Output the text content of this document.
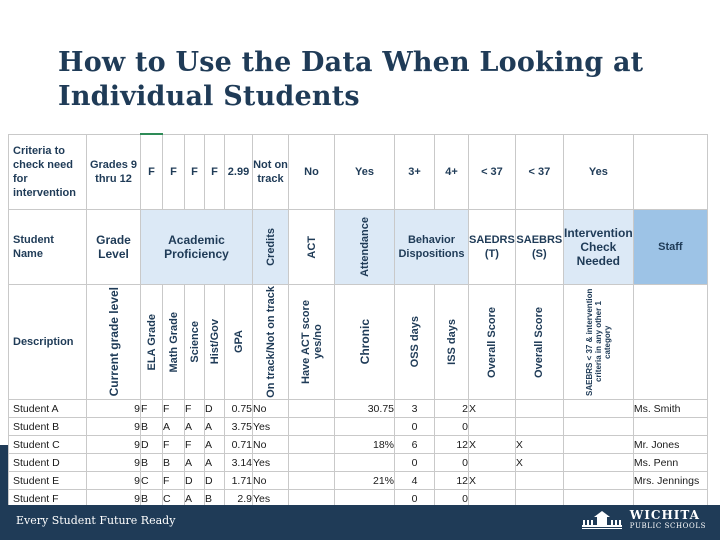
How to Use the Data When Looking at Individual Students
Criteria to check need for intervention	Grades 9 thru 12	F	F	F	F	2.99	Not on track	No	Yes	3+	4+	< 37	< 37	Yes	
Student Name	Grade Level	Academic Proficiency					Credits	ACT	Attendance	Behavior Dispositions		SAEDRS (T)	SAEBRS (S)	Intervention Check Needed	Staff
Description	Current grade level	ELA Grade	Math Grade	Science	Hist/Gov	GPA	On track/Not on track	Have ACT score yes/no	Chronic	OSS days	ISS days	Overall Score	Overall Score	SAEBRS < 37 & intervention criteria in any other 1 category	

Student A	9	F	F	F	D	0.75	No		30.75	3	2	X			Ms. Smith
Student B	9	B	A	A	A	3.75	Yes			0	0				
Student C	9	D	F	F	A	0.71	No		18%	6	12	X	X		Mr. Jones
Student D	9	B	B	A	A	3.14	Yes			0	0		X		Ms. Penn
Student E	9	C	F	D	D	1.71	No		21%	4	12	X			Mrs. Jennings
Student F	9	B	C	A	B	2.9	Yes			0	0				
Every Student Future Ready	WICHITA
PUBLIC SCHOOLS
